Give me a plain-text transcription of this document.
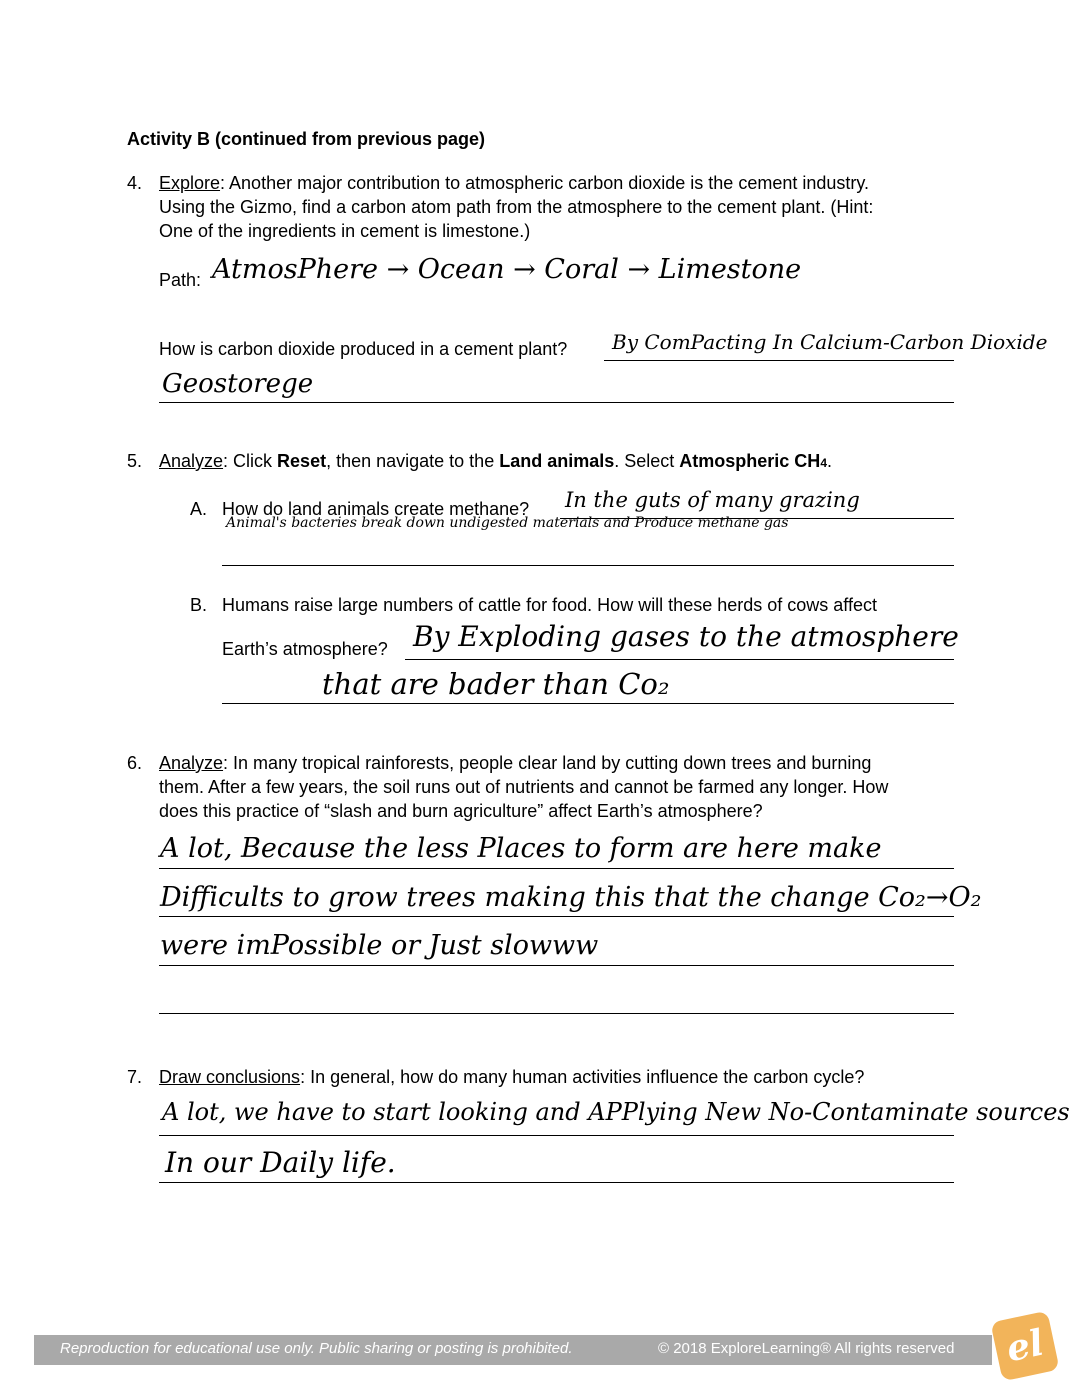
Activity B (continued from previous page)
4. Explore: Another major contribution to atmospheric carbon dioxide is the cement industry.
Using the Gizmo, find a carbon atom path from the atmosphere to the cement plant. (Hint:
One of the ingredients in cement is limestone.)
Path: AtmosPhere → Ocean → Coral → Limestone
How is carbon dioxide produced in a cement plant? By ComPacting In Calcium-Carbon Dioxide
Geostorege
5. Analyze: Click Reset, then navigate to the Land animals. Select Atmospheric CH4.
A. How do land animals create methane? In the guts of many grazing
Animal's bacteries break down undigested materials and Produce methane gas
B. Humans raise large numbers of cattle for food. How will these herds of cows affect
Earth’s atmosphere? By Exploding gases to the atmosphere
that are bader than Co₂
6. Analyze: In many tropical rainforests, people clear land by cutting down trees and burning
them. After a few years, the soil runs out of nutrients and cannot be farmed any longer. How
does this practice of “slash and burn agriculture” affect Earth’s atmosphere?
A lot, Because the less Places to form are here make
Difficults to grow trees making this that the change Co₂→O₂
were imPossible or Just slowww
7. Draw conclusions: In general, how do many human activities influence the carbon cycle?
A lot, we have to start looking and APPlying New No-Contaminate sources
In our Daily life.
Reproduction for educational use only. Public sharing or posting is prohibited.	© 2018 ExploreLearning® All rights reserved	el
